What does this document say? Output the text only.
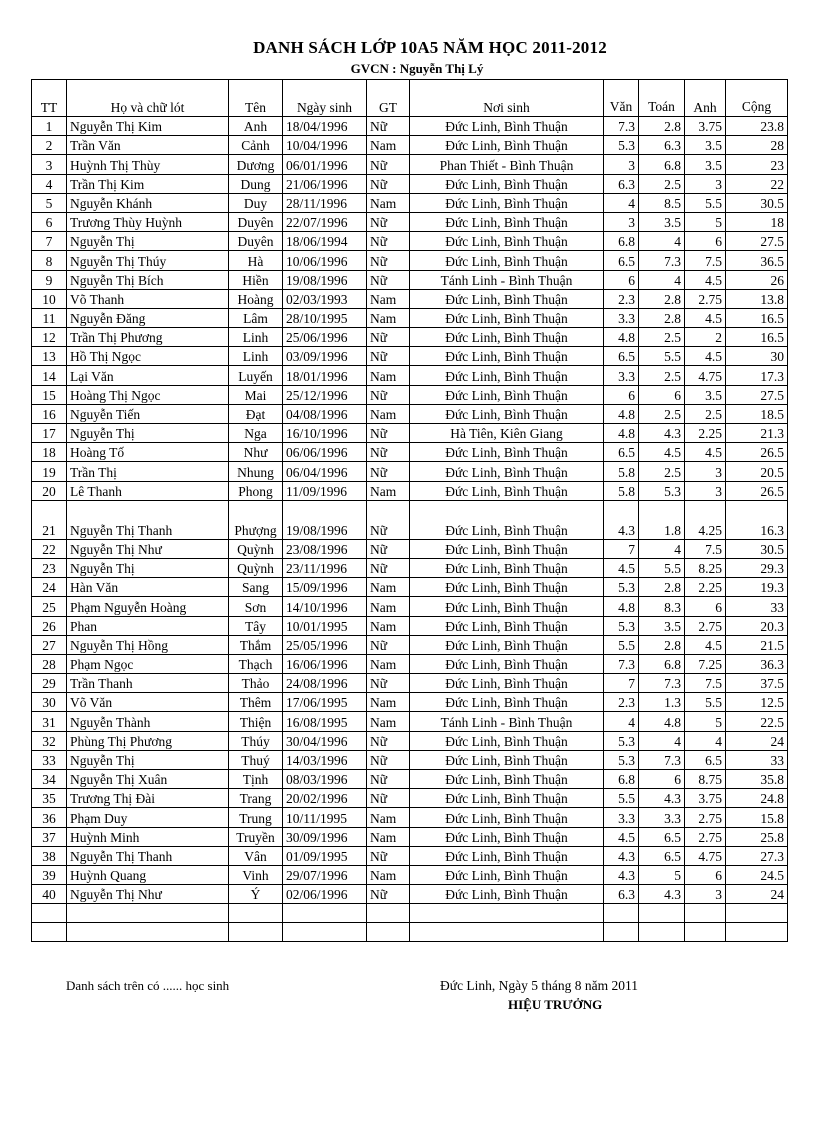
DANH SÁCH LỚP 10A5 NĂM HỌC 2011-2012
GVCN : Nguyễn Thị Lý
TT	Họ và chữ lót	Tên	Ngày sinh	GT	Nơi sinh	Văn	Toán	Anh	Cộng
1	Nguyễn Thị Kim	Anh	18/04/1996	Nữ	Đức Linh, Bình Thuận	7.3	2.8	3.75	23.8
2	Trần Văn	Cảnh	10/04/1996	Nam	Đức Linh, Bình Thuận	5.3	6.3	3.5	28
3	Huỳnh Thị Thùy	Dương	06/01/1996	Nữ	Phan Thiết - Bình Thuận	3	6.8	3.5	23
4	Trần Thị Kim	Dung	21/06/1996	Nữ	Đức Linh, Bình Thuận	6.3	2.5	3	22
5	Nguyễn Khánh	Duy	28/11/1996	Nam	Đức Linh, Bình Thuận	4	8.5	5.5	30.5
6	Trương Thùy Huỳnh	Duyên	22/07/1996	Nữ	Đức Linh, Bình Thuận	3	3.5	5	18
7	Nguyễn Thị	Duyên	18/06/1994	Nữ	Đức Linh, Bình Thuận	6.8	4	6	27.5
8	Nguyễn Thị Thúy	Hà	10/06/1996	Nữ	Đức Linh, Bình Thuận	6.5	7.3	7.5	36.5
9	Nguyễn Thị Bích	Hiền	19/08/1996	Nữ	Tánh Linh - Bình Thuận	6	4	4.5	26
10	Võ Thanh	Hoàng	02/03/1993	Nam	Đức Linh, Bình Thuận	2.3	2.8	2.75	13.8
11	Nguyễn Đăng	Lâm	28/10/1995	Nam	Đức Linh, Bình Thuận	3.3	2.8	4.5	16.5
12	Trần Thị Phương	Linh	25/06/1996	Nữ	Đức Linh, Bình Thuận	4.8	2.5	2	16.5
13	Hồ Thị Ngọc	Linh	03/09/1996	Nữ	Đức Linh, Bình Thuận	6.5	5.5	4.5	30
14	Lại Văn	Luyến	18/01/1996	Nam	Đức Linh, Bình Thuận	3.3	2.5	4.75	17.3
15	Hoàng Thị Ngọc	Mai	25/12/1996	Nữ	Đức Linh, Bình Thuận	6	6	3.5	27.5
16	Nguyễn Tiến	Đạt	04/08/1996	Nam	Đức Linh, Bình Thuận	4.8	2.5	2.5	18.5
17	Nguyễn Thị	Nga	16/10/1996	Nữ	Hà Tiên, Kiên Giang	4.8	4.3	2.25	21.3
18	Hoàng Tố	Như	06/06/1996	Nữ	Đức Linh, Bình Thuận	6.5	4.5	4.5	26.5
19	Trần Thị	Nhung	06/04/1996	Nữ	Đức Linh, Bình Thuận	5.8	2.5	3	20.5
20	Lê Thanh	Phong	11/09/1996	Nam	Đức Linh, Bình Thuận	5.8	5.3	3	26.5
21	Nguyễn Thị Thanh	Phượng	19/08/1996	Nữ	Đức Linh, Bình Thuận	4.3	1.8	4.25	16.3
22	Nguyễn Thị Như	Quỳnh	23/08/1996	Nữ	Đức Linh, Bình Thuận	7	4	7.5	30.5
23	Nguyễn Thị	Quỳnh	23/11/1996	Nữ	Đức Linh, Bình Thuận	4.5	5.5	8.25	29.3
24	Hàn Văn	Sang	15/09/1996	Nam	Đức Linh, Bình Thuận	5.3	2.8	2.25	19.3
25	Phạm Nguyễn Hoàng	Sơn	14/10/1996	Nam	Đức Linh, Bình Thuận	4.8	8.3	6	33
26	Phan	Tây	10/01/1995	Nam	Đức Linh, Bình Thuận	5.3	3.5	2.75	20.3
27	Nguyễn Thị Hồng	Thắm	25/05/1996	Nữ	Đức Linh, Bình Thuận	5.5	2.8	4.5	21.5
28	Phạm Ngọc	Thạch	16/06/1996	Nam	Đức Linh, Bình Thuận	7.3	6.8	7.25	36.3
29	Trần Thanh	Thảo	24/08/1996	Nữ	Đức Linh, Bình Thuận	7	7.3	7.5	37.5
30	Võ Văn	Thêm	17/06/1995	Nam	Đức Linh, Bình Thuận	2.3	1.3	5.5	12.5
31	Nguyễn Thành	Thiện	16/08/1995	Nam	Tánh Linh - Bình Thuận	4	4.8	5	22.5
32	Phùng Thị Phương	Thúy	30/04/1996	Nữ	Đức Linh, Bình Thuận	5.3	4	4	24
33	Nguyễn Thị	Thuý	14/03/1996	Nữ	Đức Linh, Bình Thuận	5.3	7.3	6.5	33
34	Nguyễn Thị Xuân	Tịnh	08/03/1996	Nữ	Đức Linh, Bình Thuận	6.8	6	8.75	35.8
35	Trương Thị Đài	Trang	20/02/1996	Nữ	Đức Linh, Bình Thuận	5.5	4.3	3.75	24.8
36	Phạm Duy	Trung	10/11/1995	Nam	Đức Linh, Bình Thuận	3.3	3.3	2.75	15.8
37	Huỳnh Minh	Truyền	30/09/1996	Nam	Đức Linh, Bình Thuận	4.5	6.5	2.75	25.8
38	Nguyễn Thị Thanh	Vân	01/09/1995	Nữ	Đức Linh, Bình Thuận	4.3	6.5	4.75	27.3
39	Huỳnh Quang	Vinh	29/07/1996	Nam	Đức Linh, Bình Thuận	4.3	5	6	24.5
40	Nguyễn Thị Như	Ý	02/06/1996	Nữ	Đức Linh, Bình Thuận	6.3	4.3	3	24

Danh sách trên có ...... học sinh	Đức Linh, Ngày 5 tháng 8 năm 2011
HIỆU TRƯỞNG
